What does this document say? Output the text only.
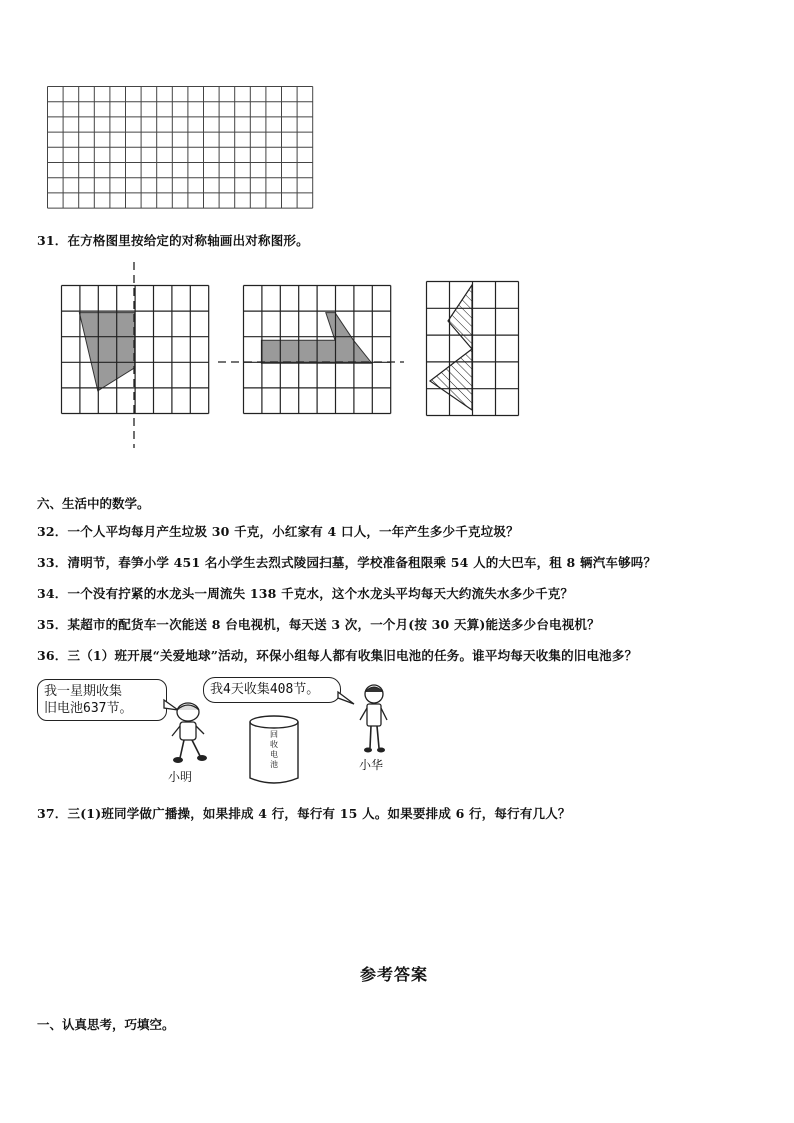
31．在方格图里按给定的对称轴画出对称图形。
六、生活中的数学。
32．一个人平均每月产生垃圾 30 千克，小红家有 4 口人，一年产生多少千克垃圾？
33．清明节，春笋小学 451 名小学生去烈式陵园扫墓，学校准备租限乘 54 人的大巴车，租 8 辆汽车够吗？
34．一个没有拧紧的水龙头一周流失 138 千克水，这个水龙头平均每天大约流失水多少千克？
35．某超市的配货车一次能送 8 台电视机，每天送 3 次，一个月(按 30 天算)能送多少台电视机？
36．三（1）班开展“关爱地球”活动，环保小组每人都有收集旧电池的任务。谁平均每天收集的旧电池多？
我一星期收集
旧电池637节。
小明
我4天收集408节。
回
收
电
池	小华
37．三(1)班同学做广播操，如果排成 4 行，每行有 15 人。如果要排成 6 行，每行有几人？
参考答案
一、认真思考，巧填空。
